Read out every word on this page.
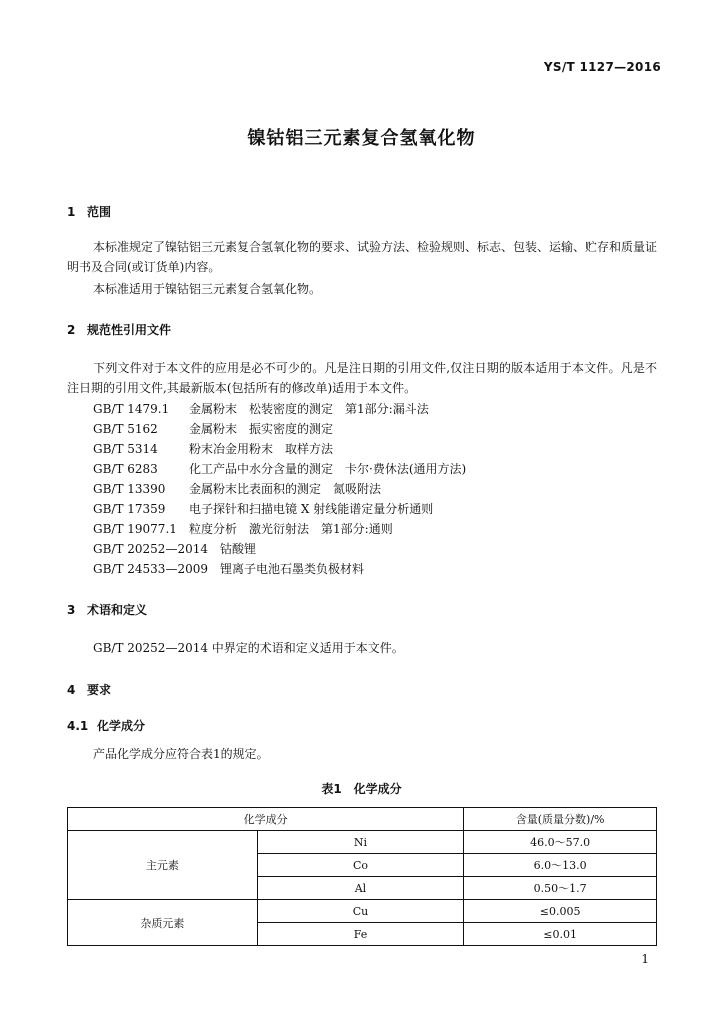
YS/T 1127—2016
镍钴铝三元素复合氢氧化物
1 范围
本标准规定了镍钴铝三元素复合氢氧化物的要求、试验方法、检验规则、标志、包装、运输、贮存和质量证明书及合同(或订货单)内容。
本标准适用于镍钴铝三元素复合氢氧化物。
2 规范性引用文件
下列文件对于本文件的应用是必不可少的。凡是注日期的引用文件,仅注日期的版本适用于本文件。凡是不注日期的引用文件,其最新版本(包括所有的修改单)适用于本文件。
GB/T 1479.1　 金属粉末　松装密度的测定　第1部分:漏斗法
GB/T 5162　	金属粉末　振实密度的测定
GB/T 5314　	粉末冶金用粉末　取样方法
GB/T 6283　	化工产品中水分含量的测定　卡尔·费休法(通用方法)
GB/T 13390　 金属粉末比表面积的测定　氮吸附法
GB/T 17359　 电子探针和扫描电镜 X 射线能谱定量分析通则
GB/T 19077.1　 粒度分析　激光衍射法　第1部分:通则
GB/T 20252—2014　 钴酸锂
GB/T 24533—2009　 锂离子电池石墨类负极材料
3 术语和定义
GB/T 20252—2014 中界定的术语和定义适用于本文件。
4 要求
4.1 化学成分
产品化学成分应符合表1的规定。
表1　化学成分
化学成分		含量(质量分数)/%
主元素	Ni	46.0～57.0
	Co	6.0～13.0
	Al	0.50～1.7
杂质元素	Cu	≤0.005
	Fe	≤0.01
1
